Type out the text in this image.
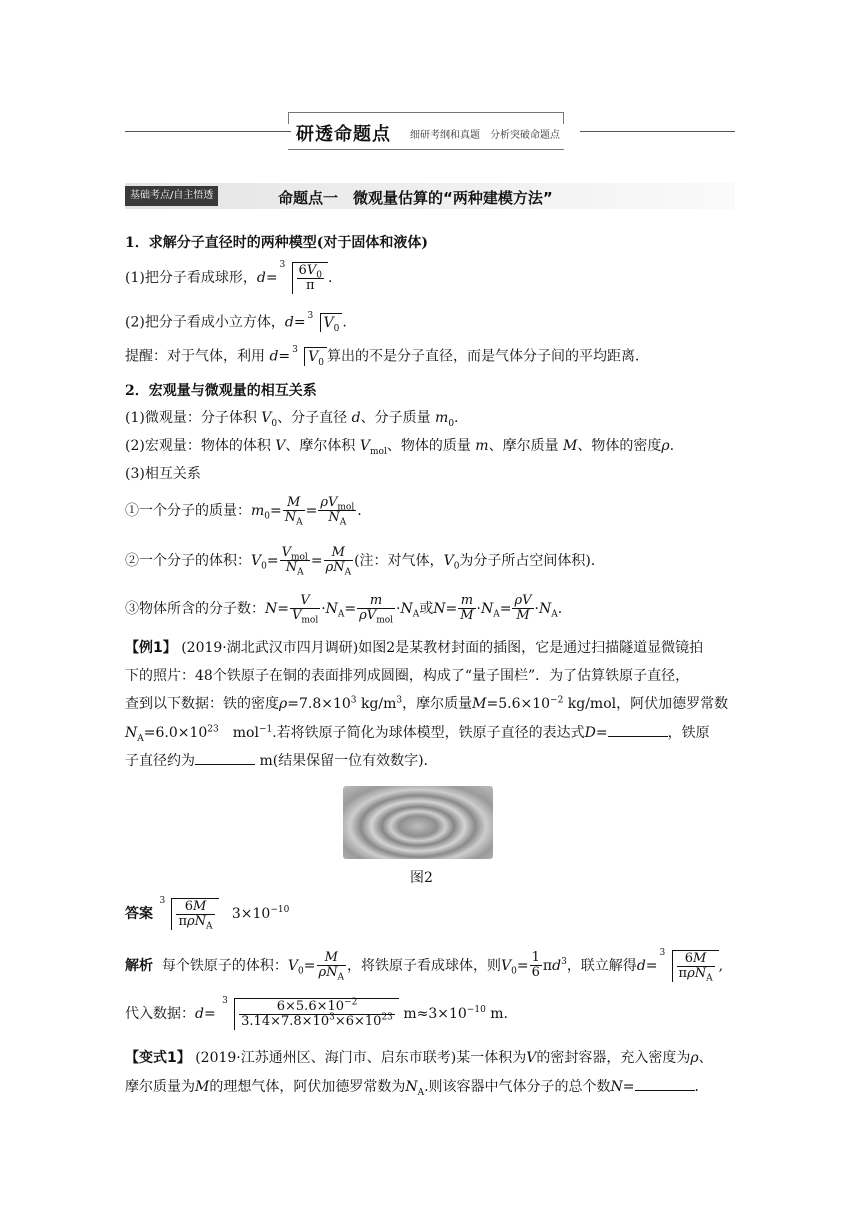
研透命题点 细研考纲和真题　分析突破命题点
基础考点/自主悟透	命题点一　微观量估算的“两种建模方法”
1．求解分子直径时的两种模型(对于固体和液体)
(1)把分子看成球形，d=
$3 \frac{6V_0}{\pi}$ .
(2)把分子看成小立方体，d= 3 $V_0$ .
提醒：对于气体，利用 d= 3 $V_0$ 算出的不是分子直径，而是气体分子间的平均距离．
2．宏观量与微观量的相互关系
(1)微观量：分子体积 $V_0$、分子直径 d、分子质量 $m_0$.
(2)宏观量：物体的体积 V、摩尔体积 $V_{mol}$、物体的质量 m、摩尔质量 M、物体的密度ρ.
(3)相互关系
①一个分子的质量：$m_0= \frac{M}{N_A} = \frac{\rho V_{mol}}{N_A}$ .
②一个分子的体积：$V_0= \frac{V_{mol}}{N_A} = \frac{M}{\rho N_A}$ (注：对气体，$V_0$为分子所占空间体积)．
③物体所含的分子数：$N= \frac{V}{V_{mol}} \cdot N_A= \frac{m}{\rho V_{mol}} \cdot N_A$或$N= \frac{m}{M} \cdot N_A= \frac{\rho V}{M} \cdot N_A$.
【例1】 (2019·湖北武汉市四月调研)如图2是某教材封面的插图，它是通过扫描隧道显微镜拍
下的照片：48个铁原子在铜的表面排列成圆圈，构成了“量子围栏”．为了估算铁原子直径，
查到以下数据：铁的密度$\rho=7.8\times 10^3$ $kg/m^3$，摩尔质量$M=5.6\times 10^{-2}$ kg/mol，阿伏加德罗常数
$N_A=6.0\times 10^{23}$　mol$^{-1}$.若将铁原子简化为球体模型，铁原子直径的表达式D=	，铁原
子直径约为	m(结果保留一位有效数字)．
图2
答案
$3 \frac{6M}{\pi\rho N_A} 3\times 10^{-10}$
解析 每个铁原子的体积：$V_0= \frac{M}{\rho N_A}$ ，将铁原子看成球体，则$V_0= \frac{1}{6} \pi d^3$，联立解得d=
$3 \frac{6M}{\pi\rho N_A}$ ,
代入数据：d=
$3 \frac{6\times 5.6\times 10^{-2}}{3.14\times 7.8\times 10^3\times 6\times 10^{23}} m\approx 3\times 10^{-10}$ m.
【变式1】 (2019·江苏通州区、海门市、启东市联考)某一体积为V的密封容器，充入密度为ρ、
摩尔质量为M的理想气体，阿伏加德罗常数为$N_A$.则该容器中气体分子的总个数N=	．
